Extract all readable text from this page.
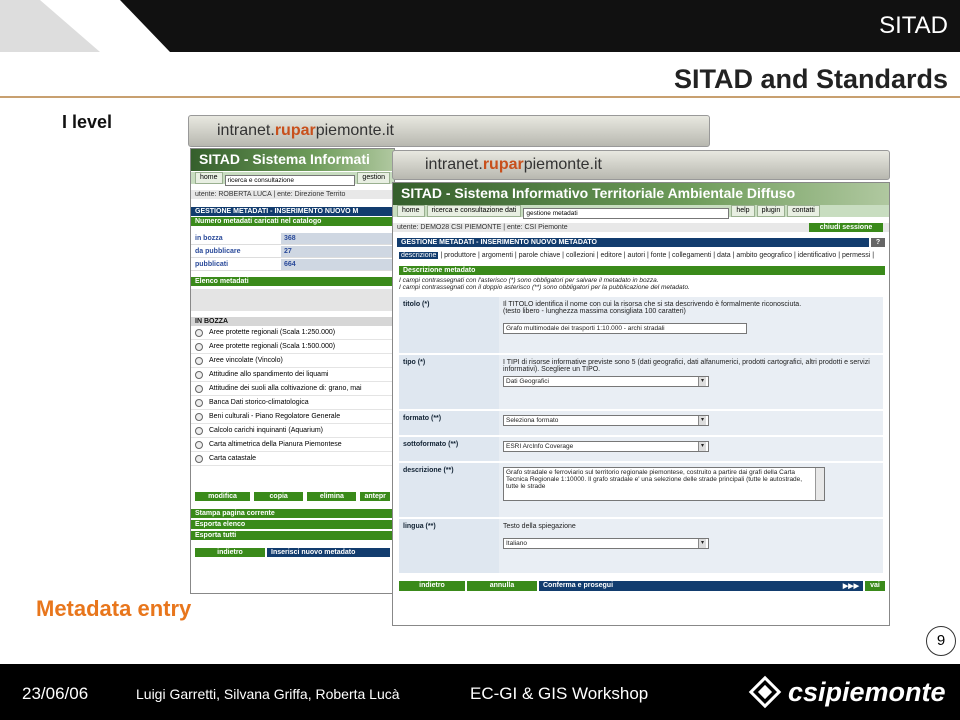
SITAD
SITAD and Standards
I level	intranet.ruparpiemonte.it
SITAD - Sistema Informati
home	ricerca e consultazione	gestion
utente: ROBERTA LUCA | ente: Direzione Territo
GESTIONE METADATI - INSERIMENTO NUOVO M
Numero metadati caricati nel catalogo
in bozza	368
da pubblicare	27
pubblicati	664
Elenco metadati
IN BOZZA
Aree protette regionali (Scala 1:250.000)
Aree protette regionali (Scala 1:500.000)
Aree vincolate (Vincolo)
Attitudine allo spandimento dei liquami
Attitudine dei suoli alla coltivazione di: grano, mai
Banca Dati storico-climatologica
Beni culturali - Piano Regolatore Generale
Calcolo carichi inquinanti (Aquarium)
Carta altimetrica della Pianura Piemontese
Carta catastale
modifica	copia	elimina	antepr
Stampa pagina corrente
Esporta elenco
Esporta tutti
indietro	Inserisci nuovo metadato
intranet.ruparpiemonte.it
SITAD - Sistema Informativo Territoriale Ambientale Diffuso
home	ricerca e consultazione dati	gestione metadati	help	plugin	contatti
utente: DEMO28 CSI PIEMONTE | ente: CSI Piemonte	chiudi sessione
GESTIONE METADATI - INSERIMENTO NUOVO METADATO	?
descrizione | produttore | argomenti | parole chiave | collezioni | editore | autori | fonte | collegamenti | data | ambito geografico | identificativo | permessi |
Descrizione metadato
I campi contrassegnati con l'asterisco (*) sono obbligatori per salvare il metadato in bozza.
I campi contrassegnati con il doppio asterisco (**) sono obbligatori per la pubblicazione del metadato.
titolo (*)	Il TITOLO identifica il nome con cui la risorsa che si sta descrivendo è formalmente riconosciuta.
(testo libero - lunghezza massima consigliata 100 caratteri)
Grafo multimodale dei trasporti 1:10.000 - archi stradali
tipo (*)	I TIPI di risorse informative previste sono 5 (dati geografici, dati alfanumerici, prodotti cartografici, altri prodotti e servizi informativi). Scegliere un TIPO.
Dati Geografici	▾
formato (**)	Seleziona formato	▾
sottoformato (**)	ESRI ArcInfo Coverage	▾
descrizione (**)	Grafo stradale e ferroviario sul territorio regionale piemontese, costruito a partire dai grafi della Carta Tecnica Regionale 1:10000. Il grafo stradale e' una selezione delle strade principali (tutte le autostrade, tutte le strade
lingua (**)	Testo della spiegazione
Italiano	▾
indietro	annulla	Conferma e prosegui	▶▶▶	vai
Metadata entry
9
23/06/06	Luigi Garretti, Silvana Griffa, Roberta Lucà	EC-GI & GIS Workshop	csipiemonte
